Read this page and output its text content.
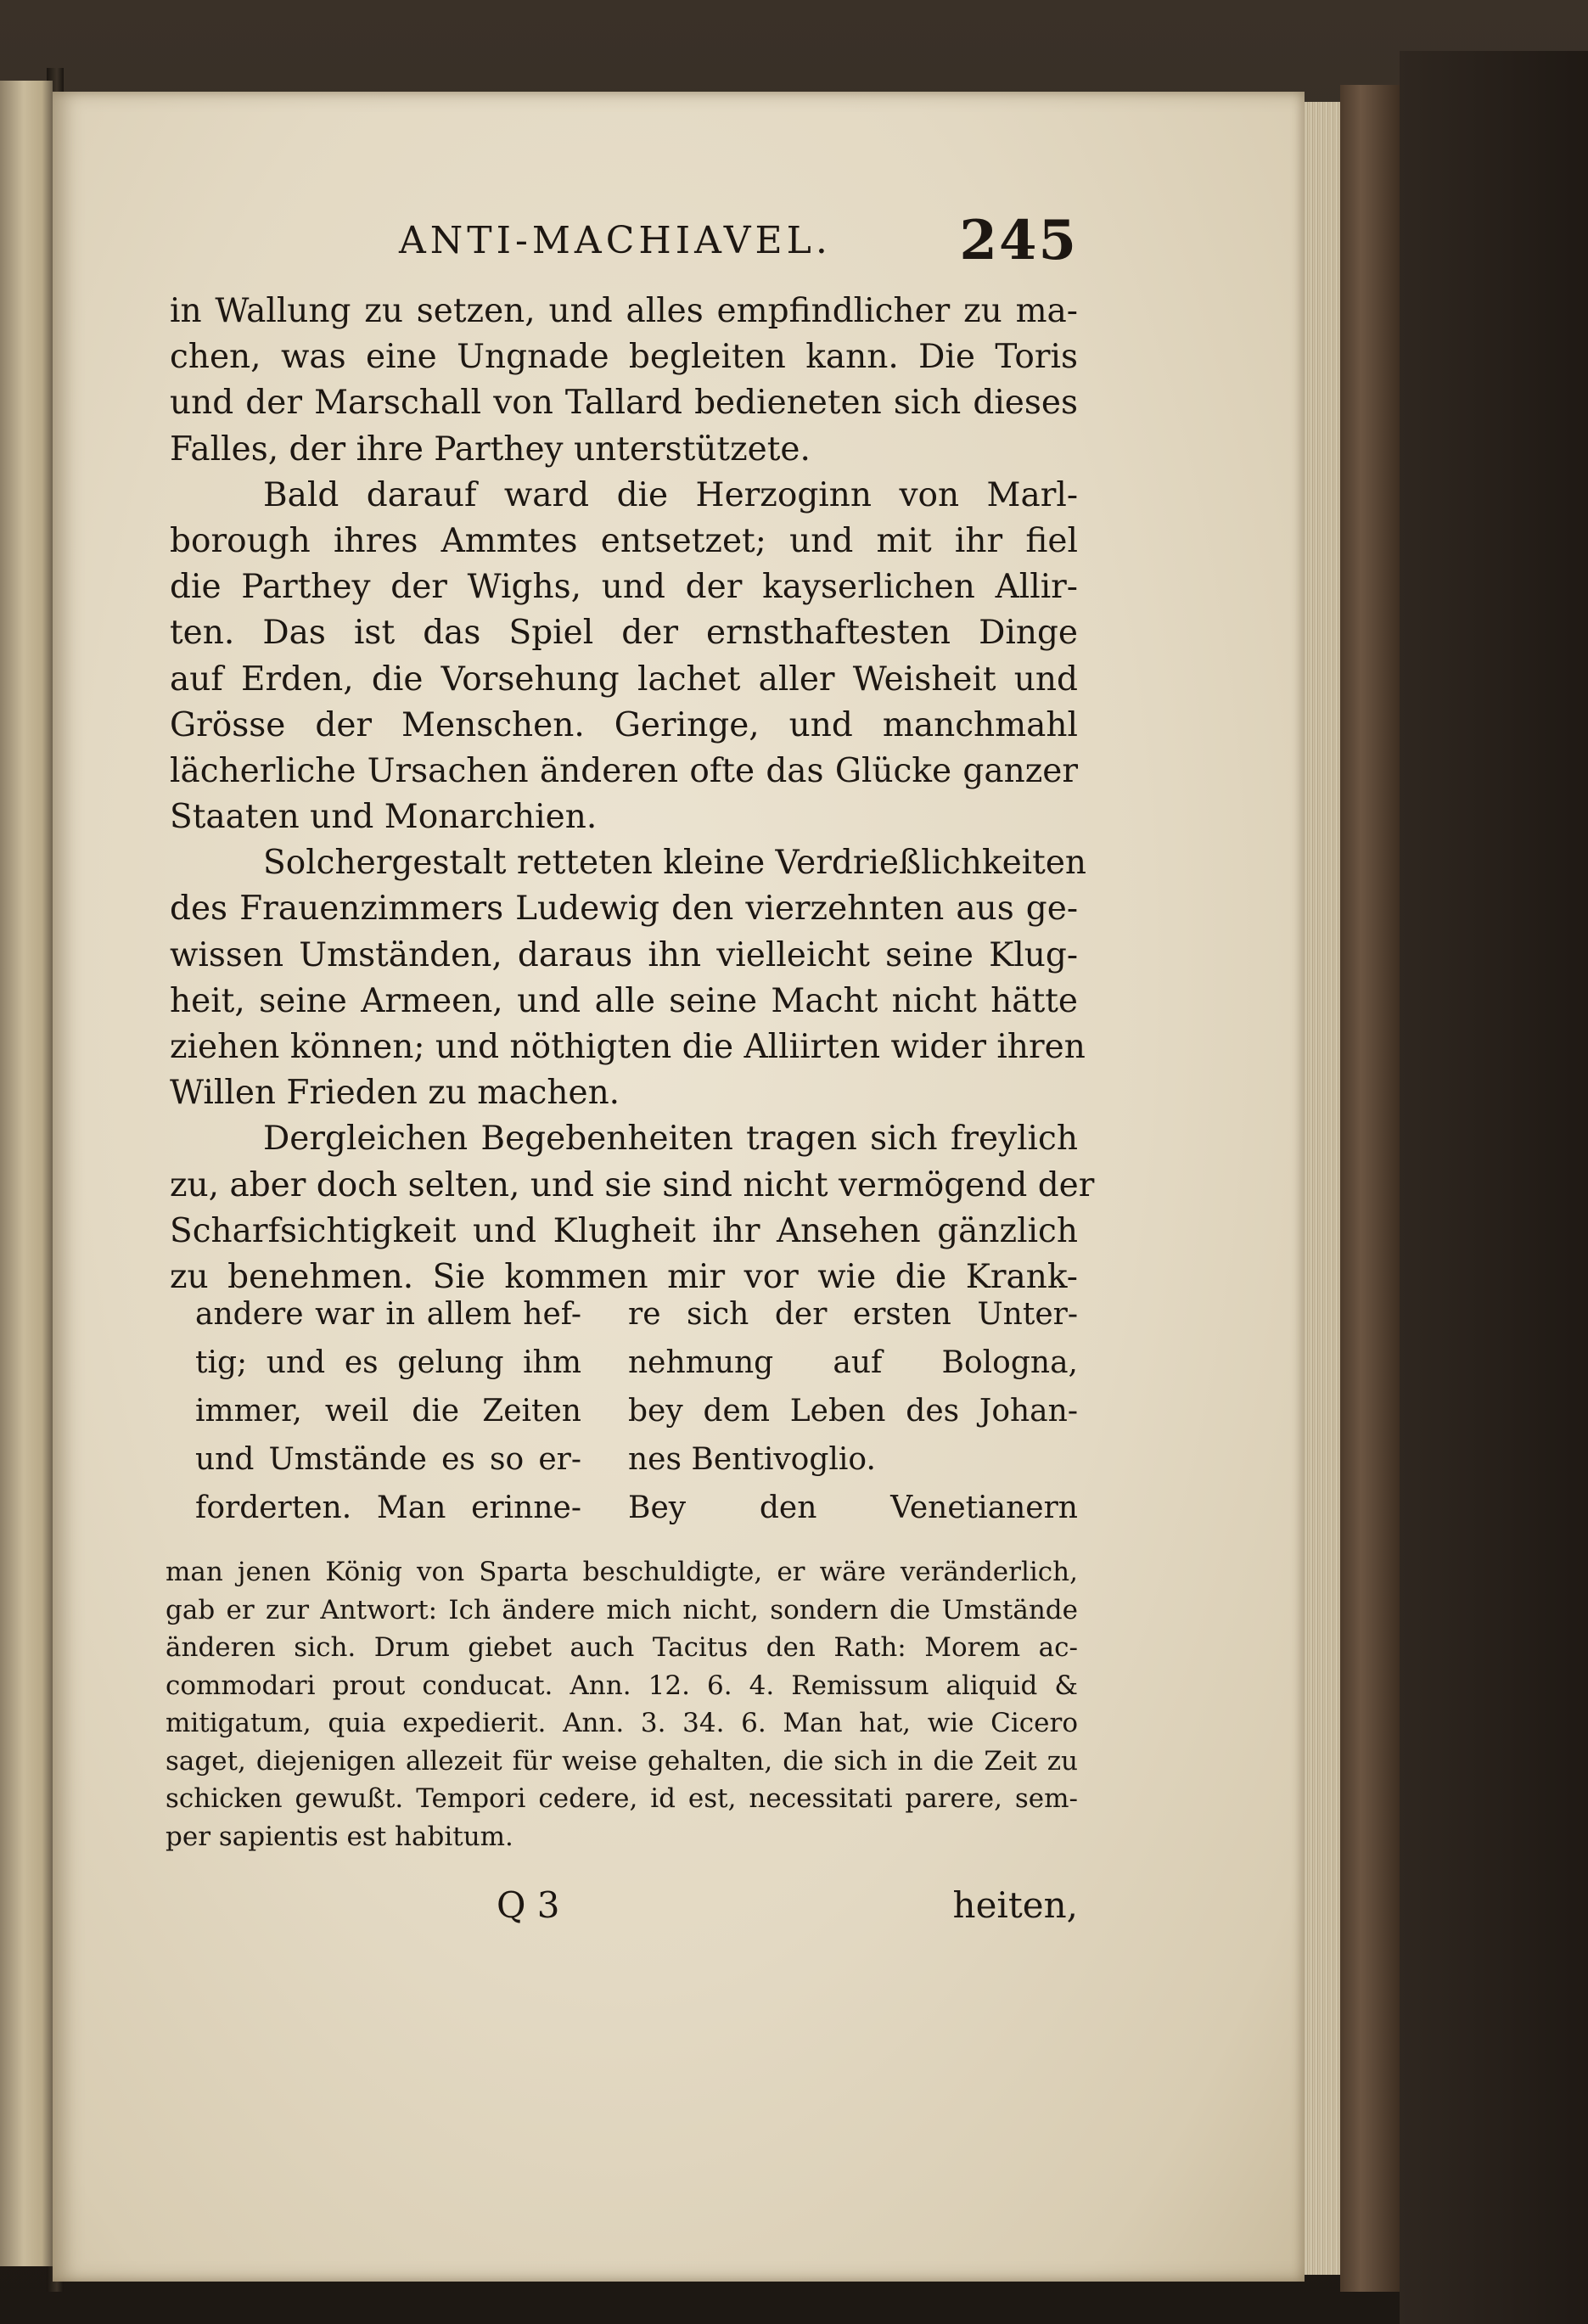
ANTI-MACHIAVEL. 245
in Wallung zu setzen, und alles empfindlicher zu ma-
chen, was eine Ungnade begleiten kann. Die Toris
und der Marschall von Tallard bedieneten sich dieses
Falles, der ihre Parthey unterstützete.
Bald darauf ward die Herzoginn von Marl-
borough ihres Ammtes entsetzet; und mit ihr fiel
die Parthey der Wighs, und der kayserlichen Allir-
ten. Das ist das Spiel der ernsthaftesten Dinge
auf Erden, die Vorsehung lachet aller Weisheit und
Grösse der Menschen. Geringe, und manchmahl
lächerliche Ursachen änderen ofte das Glücke ganzer
Staaten und Monarchien.
Solchergestalt retteten kleine Verdrießlichkeiten
des Frauenzimmers Ludewig den vierzehnten aus ge-
wissen Umständen, daraus ihn vielleicht seine Klug-
heit, seine Armeen, und alle seine Macht nicht hätte
ziehen können; und nöthigten die Alliirten wider ihren
Willen Frieden zu machen.
Dergleichen Begebenheiten tragen sich freylich
zu, aber doch selten, und sie sind nicht vermögend der
Scharfsichtigkeit und Klugheit ihr Ansehen gänzlich
zu benehmen. Sie kommen mir vor wie die Krank-
andere war in allem hef-
tig; und es gelung ihm
immer, weil die Zeiten
und Umstände es so er-
forderten. Man erinne-
re sich der ersten Unter-
nehmung auf Bologna,
bey dem Leben des Johan-
nes Bentivoglio.
Bey den Venetianern
man jenen König von Sparta beschuldigte, er wäre veränderlich,
gab er zur Antwort: Ich ändere mich nicht, sondern die Umstände
änderen sich. Drum giebet auch Tacitus den Rath: Morem ac-
commodari prout conducat. Ann. 12. 6. 4. Remissum aliquid &
mitigatum, quia expedierit. Ann. 3. 34. 6. Man hat, wie Cicero
saget, diejenigen allezeit für weise gehalten, die sich in die Zeit zu
schicken gewußt. Tempori cedere, id est, necessitati parere, sem-
per sapientis est habitum.
Q 3	heiten,
